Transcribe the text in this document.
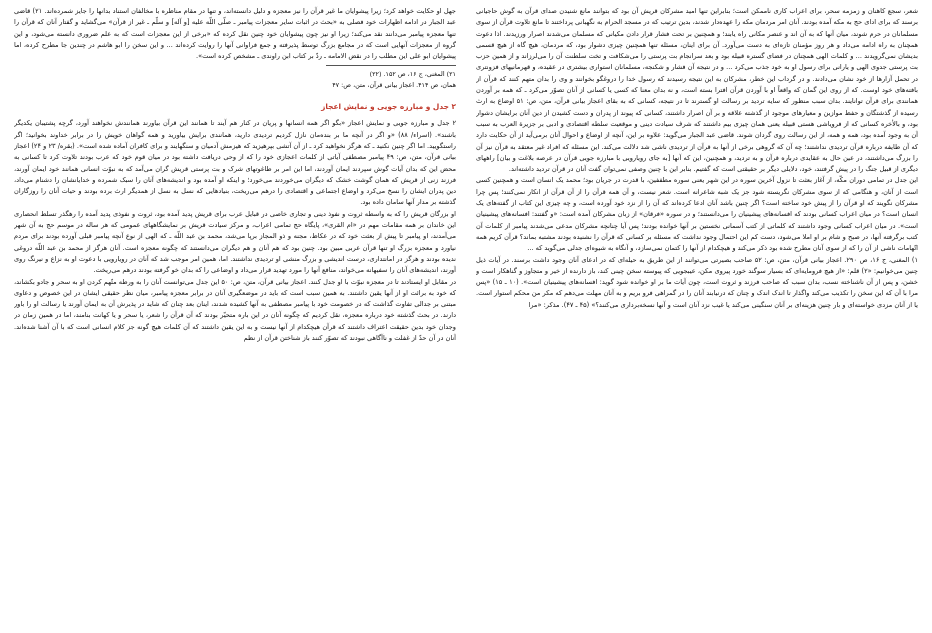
جهل او حکایت خواهد کرد؛ زیرا پیشوایان ما غیر قرآن را نیز معجزه و دلیل دانسته‌اند، و تنها در مقام مناظره با مخالفان استناد بدانها را جایز شمرده‌اند. ۲۱) قاضی عبد الجبار در ادامه اظهارات خود فصلی به «بحث در اثبات سایر معجزات پیامبر ـ صلّی اللّه علیه [و آله] و سلّم ـ غیر از قرآن» می‌گشاید و گفتار آنان که قرآن را تنها معجزه پیامبر می‌دانند نقد می‌کند؛ زیرا او نیز چون پیشوایان خود چنین نقل کرده که «برخی از این معجزات است که به علم ضروری دانسته می‌شود، و این گروه از معجزات آنهایی است که در مجامع بزرگ توسط پذیرفته و جمع فراوانی آنها را روایت کرده‌اند ... و این سخن را ابو هاشم در چندین جا مطرح کرده، اما پیشوایان ابو علی این مطلب را در نقض الامامه ـ ردّ بر کتاب ابن راوندی ـ مشخص کرده است».

۲۱) المغنی، ج ۱۶، ص ۱۵۲. (۲۲)

همان، ص ۴۱۴. اعجاز بیانی قرآن، متن، ص: ۴۷

۲ جدل و مبارزه جویی و نمایش اعجاز

۲ جدل و مبارزه جویی و نمایش اعجاز «بگو اگر همه انسانها و پریان در کنار هم آیند تا همانند این قرآن بیاورند همانندش نخواهند آورد، گرچه پشتیبان یکدیگر باشند». (اسراء/ ۸۸) «و اگر در آنچه ما بر بنده‌مان نازل کردیم تردیدی دارید، همانندی برایش بیاورید و همه گواهان خویش را در برابر خداوند بخوانید؛ اگر راستگویید. اما اگر چنین نکنید ـ که هرگز نخواهید کرد ـ از آن آتشی بپرهیزید که هیزمش آدمیان و سنگهایند و برای کافران آماده شده است». (بقره/ ۲۳ و ۲۴) اعجاز بیانی قرآن، متن، ص: ۴۹ پیامبر مصطفی آیاتی از کلمات اعجازی خود را که از وحی دریافت داشته بود در میان قوم خود که عرب بودند تلاوت کرد تا کسانی به محض این که بدان آیات گوش سپردند ایمان آوردند، اما این امر بر طاغوتهای شرک و بت پرستی قریش گران می‌آمد که به نبوّت انسانی همانند خود ایمان آورند، فرزند زنی از قریش که همان گوشت خشک که دیگران می‌خوردند می‌خورد؛ و اینکه او آمده بود و اندیشه‌های آنان را سبک شمرده و خدایانشان را دشنام می‌داد، دین پدران ایشان را نسخ می‌کرد و اوضاع اجتماعی و اقتصادی را درهم می‌ریخت، بنیادهایی که نسل به نسل از همدیگر ارث برده بودند و حیات آنان را روزگاران گذشته بر مدار آنها سامان داده بود.

او بزرگان قریش را که به واسطه ثروت و نفوذ دینی و تجاری خاصی در قبایل عرب برای قریش پدید آمده بود، ثروت و نفوذی پدید آمده را رهگذر تسلط انحصاری این خاندان بر همه مقامات مهم در «ام القری»، پایگاه حج تمامی اعراب، و مرکز سیادت قریش بر نمایشگاههای عمومی که هر ساله در موسم حج به آن شهر می‌آمدند، او پیامبر تا پیش از بعثت خود که در عکاظ، مجنه و ذو المجاز برپا می‌شد، محمد بن عبد اللّه ـ که الهی از نوع آنچه پیامبر قبلی آورده بودند برای مردم نیاورد و معجزه بزرگ او تنها قرآن عربی مبین بود. چنین بود که هم آنان و هم دیگران می‌دانستند که چگونه معجزه است. آنان هرگز از محمد بن عبد اللّه دروغی ندیده بودند و هرگز در امانتداری، درست اندیشی و بزرگ منشی او تردیدی نداشتند. اما، همین امر موجب شد که آنان در رویارویی با دعوت او به نزاع و نیرنگ روی آورند، اندیشه‌های آنان را سفیهانه می‌خواند، منافع آنها را مورد تهدید قرار می‌داد و اوضاعی را که بدان خو گرفته بودند درهم می‌ریخت.

در مقابل او ایستادند تا در معجزه نبوّت با او جدل کنند. اعجاز بیانی قرآن، متن، ص: ۵۰ این جدل می‌توانست آنان را به ورطه متّهم کردن او به سحر و جادو بکشاند، که خود به برائت او از آنها یقین داشتند. به همین سبب است که باید در موضعگیری آنان در برابر معجزه پیامبر، میان نظر حقیقی ایشان در این خصوص و دعاوی مبتنی بر جدالی تفاوت گذاشت که در خصومت خود با پیامبر مصطفی به آنها کشیده شدند، اینان بعد چنان که شاید در پذیرش آن به ایمان آورند یا رسالت او را باور دارند. در بحث گذشته خود درباره معجزه، نقل کردیم که چگونه آنان در این باره متحیّر بودند که آن قرآن را شعر، یا سحر و یا کهانت بنامند، اما در همین زمان در وجدان خود بدین حقیقت اعتراف داشتند که قرآن هیچکدام از آنها نیست و به این یقین داشتند که آن کلمات هیچ گونه جز کلام انسانی است که با آن آشنا شده‌اند. آنان در آن حدّ از غفلت و ناآگاهی نبودند که تصوّر کنند باز شناختن قرآن از نظم

شعر، سجع کاهنان و زمزمه سحر، برای اعراب کاری ناممکن است؛ بنابراین تنها امید مشرکان قریش آن بود که بتوانند مانع شنیدن صدای قرآن به گوش حاجیانی برسند که برای ادای حج به مکه آمده بودند. آنان امر مردمان مکه را عهده‌دار شدند، بدین ترتیب که در مسجد الحرام به نگهبانی پرداختند تا مانع تلاوت قرآن از سوی مسلمانان در حرم شوند، میان آنها که به آن اند و عنصر مکانی راه یابند؛ و همچنین بر تحت فشار قرار دادن مکیانی که مسلمان می‌شدند اصرار ورزیدند. اذا دعوت همچنان به راه ادامه می‌داد و هر روز مؤمنان تازه‌ای به دست می‌آورد. آن برای اینان، مسئله تنها همچنین چیزی دشوار بود، که مردمان، هیچ گاه از هیچ قسمی بدیشان نمی‌گرویدند ... و کلمات الهی همچنان در فضای گستره قبیله بود و بعد سرانجام بت پرستی را می‌شکافت و تخت سلطنت آن را می‌لرزاند و از همین حزب بت پرستی جدوی الهی و یارانی برای رسول او به خود جذب می‌کرد ... و در نتیجه آن فشار و شکنجه، مسلمانان استواری بیشتری در عقیده، و قهرمانیهای فزونتری در تحمل آزارها از خود نشان می‌دادند. و در گرداب این خطر، مشرکان به این نتیجه رسیدند که رسول خدا را دروغگو بخوانند و وی را بدان متهم کنند که قرآن از بافته‌های خود اوست. که از روی این گمان که واقعاً او با آوردن قرآن افترا بسته است، و نه بدان معنا که کسی یا کسانی از آنان تصوّر می‌کرد ـ که همه بر آوردن همانندی برای قرآن توانایند. بدان سبب منظور که سایه تردید بر رسالت او گسترند تا در نتیجه، کسانی که به بقای اعجاز بیانی قرآن، متن، ص: ۵۱ اوضاع به ارث رسیده از گذشتگان و حفظ موازین و معیارهای موجود از گذشته علاقه و بر آن اصرار داشتند، کسانی که پیوند از پدران و دست کشیدن از دین آنان برایشان دشوار بود، و بالأخره کسانی که از فرویاشی هستی قبیله یعنی همان چیزی بیم داشتند که شرف سیادت دینی و موقعیت سلطه اقتصادی و ادبی بر جزیرة العرب به سبب آن به وجود آمده بود، همه و همه، از این رسالت روی گردان شوند. قاضی عبد الجبار می‌گوید: علاوه بر این، آنچه از اوضاع و احوال آنان برمی‌آید از آن حکایت دارد که آن طایفه درباره قرآن تردیدی نداشتند؛ چه آن که گروهی برخی از آنها به قرآن از تردیدی ناشی شد دلالت می‌کند. این مسئله که افراد غیر معتقد به قرآن نیز آن را بزرگ می‌داشتند، در عین حال به عقایدی درباره قرآن و به تردید، و همچنین، این که آنها [به جای رویارویی با مبارزه جویی قرآن در عرصه بلاغت و بیان] راههای دیگری از قبیل جنگ را در پیش گرفتند، خود، دلایلی دیگر بر حقیقتی است که گفتیم. بنابر این با چنین وصفی نمی‌توان گفت آنان در قرآن تردید داشته‌اند.

این جدل در تمامی دوران مکّه، از آغاز بعثت تا نزول آخرین سوره در این شهر یعنی سوره مطففین، با قدرت در جریان بود؛ محمد یک انسان است و همچنین کسی است از آنان، و هنگامی که از سوی مشرکان نگریسته شود جز یک شبه شاعرانه است. شعر نیست، و آن همه قرآن را از آن قرآن از انکار نمی‌کنند؛ پس چرا مشرکان نگویند که او قرآن را از پیش خود ساخته است؟ اگر چنین باشد آنان ادعا کرده‌اند که آن را از نزد خود آورده است، و چه چیزی این کتاب از گفته‌های یک انسان است؟ در میان اعراب کسانی بودند که افسانه‌های پیشینیان را می‌دانستند؛ و در سوره «فرقان» از زبان مشرکان آمده است: «و گفتند: افسانه‌های پیشینیان است». در میان اعراب کسانی وجود داشتند که کلماتی از کتب آسمانی نخستین بر آنها خوانده بودند؛ پس آیا چنانچه مشرکان مدعی می‌شدند پیامبر از کلمات آن کتب برگرفته آنها، در صبح و شام بر او املا می‌شود، دست کم این احتمال وجود نداشت که مسئله بر کسانی که قرآن را نشنیده بودند مشتبه بماند؟ قرآن کریم همه اتّهامات ناشی از آن را که از سوی آنان مطرح شده بود ذکر می‌کند و هیچکدام از آنها را کتمان نمی‌سازد، و آنگاه به شیوه‌ای جدلی می‌گوید که ...

۱) المغنی، ج ۱۶، ص ۲۹۰. اعجاز بیانی قرآن، متن، ص: ۵۲ صاحب بصیرتی می‌توانند از این طریق به حیله‌ای که در ادعای آنان وجود داشت برسند. در آیات ذیل چنین می‌خوانیم: «۲) قلم: «از هیچ فرومایه‌ای که بسیار سوگند خورد پیروی مکن، عیبجویی که پیوسته سخن چینی کند، باز دارنده از خیر و متجاوز و گناهکار است و خشن، و پس از آن ناشناخته نسب، بدان سبب که صاحب فرزند و ثروت است، چون آیات ما بر او خوانده شود گوید: افسانه‌های پیشینیان است». (۱۰ ـ ۱۵) «پس مرا با آن که این سخن را تکذیب می‌کند واگذار تا اندک اندک و چنان که درنیابند آنان را در گمراهی فرو بریم و به آنان مهلت می‌دهم که مکر من محکم استوار است. یا از آنان مزدی خواسته‌ای و بار چنین هزینه‌ای بر آنان سنگینی می‌کند یا غیب نزد آنان است و آنها نسخه‌برداری می‌کنند؟» (۴۵ ـ ۴۷). مذکر: «مرا
